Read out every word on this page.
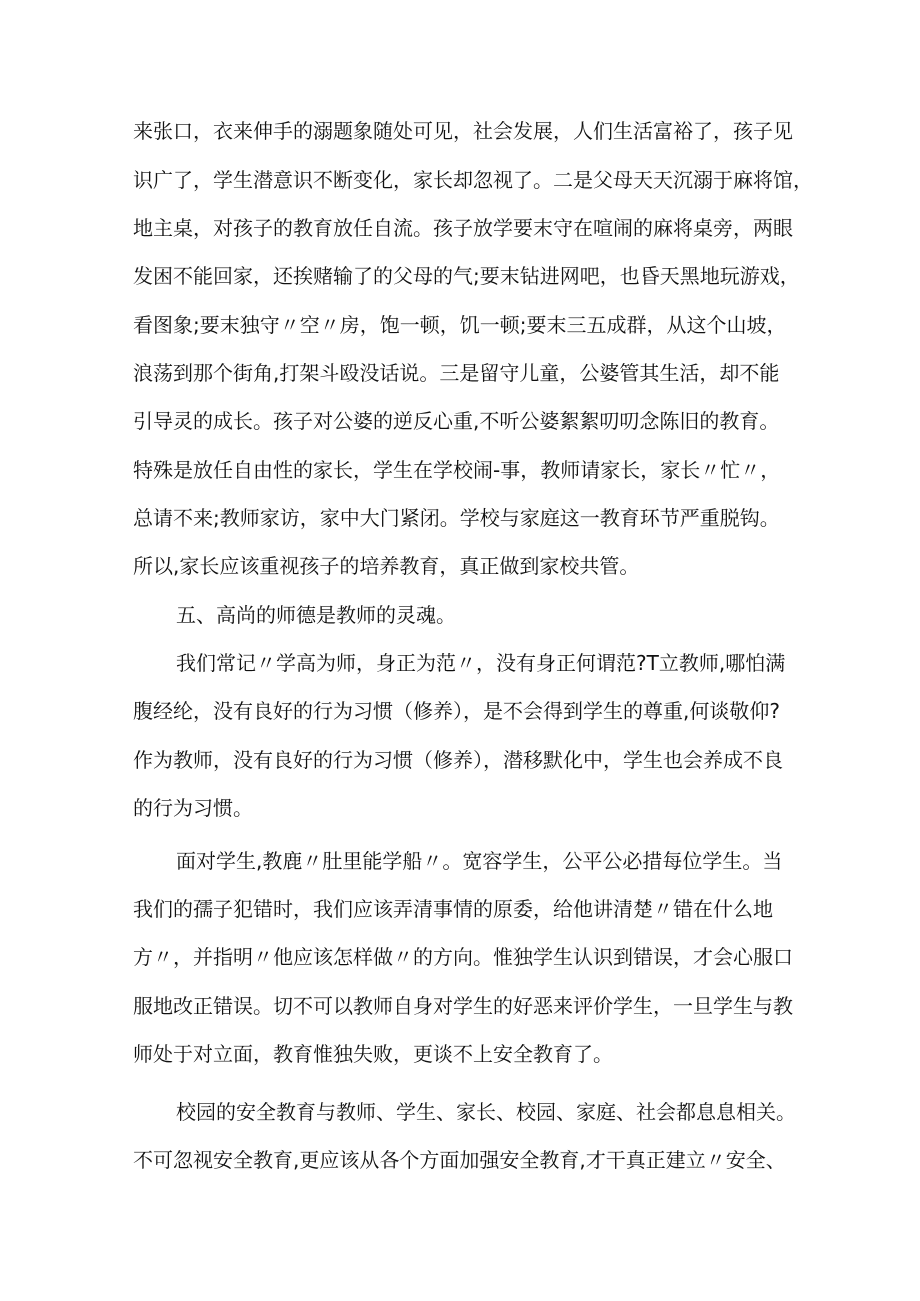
来张口，衣来伸手的溺题象随处可见，社会发展，人们生活富裕了，孩子见
识广了，学生潜意识不断变化，家长却忽视了。二是父母天天沉溺于麻将馆，
地主桌，对孩子的教育放任自流。孩子放学要末守在喧闹的麻将桌旁，两眼
发困不能回家，还挨赌输了的父母的气;要末钻进网吧，也昏天黑地玩游戏，
看图象;要末独守〃空〃房，饱一顿，饥一顿;要末三五成群，从这个山坡，
浪荡到那个街角,打架斗殴没话说。三是留守儿童，公婆管其生活，却不能
引导灵的成长。孩子对公婆的逆反心重,不听公婆絮絮叨叨念陈旧的教育。
特殊是放任自由性的家长，学生在学校闹-事，教师请家长，家长〃忙〃，
总请不来;教师家访，家中大门紧闭。学校与家庭这一教育环节严重脱钩。
所以,家长应该重视孩子的培养教育，真正做到家校共管。
五、高尚的师德是教师的灵魂。
我们常记〃学高为师，身正为范〃，没有身正何谓范?T立教师,哪怕满
腹经纶，没有良好的行为习惯（修养），是不会得到学生的尊重,何谈敬仰?
作为教师，没有良好的行为习惯（修养），潜移默化中，学生也会养成不良
的行为习惯。
面对学生,教鹿〃肚里能学船〃。宽容学生，公平公必措每位学生。当
我们的孺子犯错时，我们应该弄清事情的原委，给他讲清楚〃错在什么地
方〃，并指明〃他应该怎样做〃的方向。惟独学生认识到错误，才会心服口
服地改正错误。切不可以教师自身对学生的好恶来评价学生，一旦学生与教
师处于对立面，教育惟独失败，更谈不上安全教育了。
校园的安全教育与教师、学生、家长、校园、家庭、社会都息息相关。
不可忽视安全教育,更应该从各个方面加强安全教育,才干真正建立〃安全、
